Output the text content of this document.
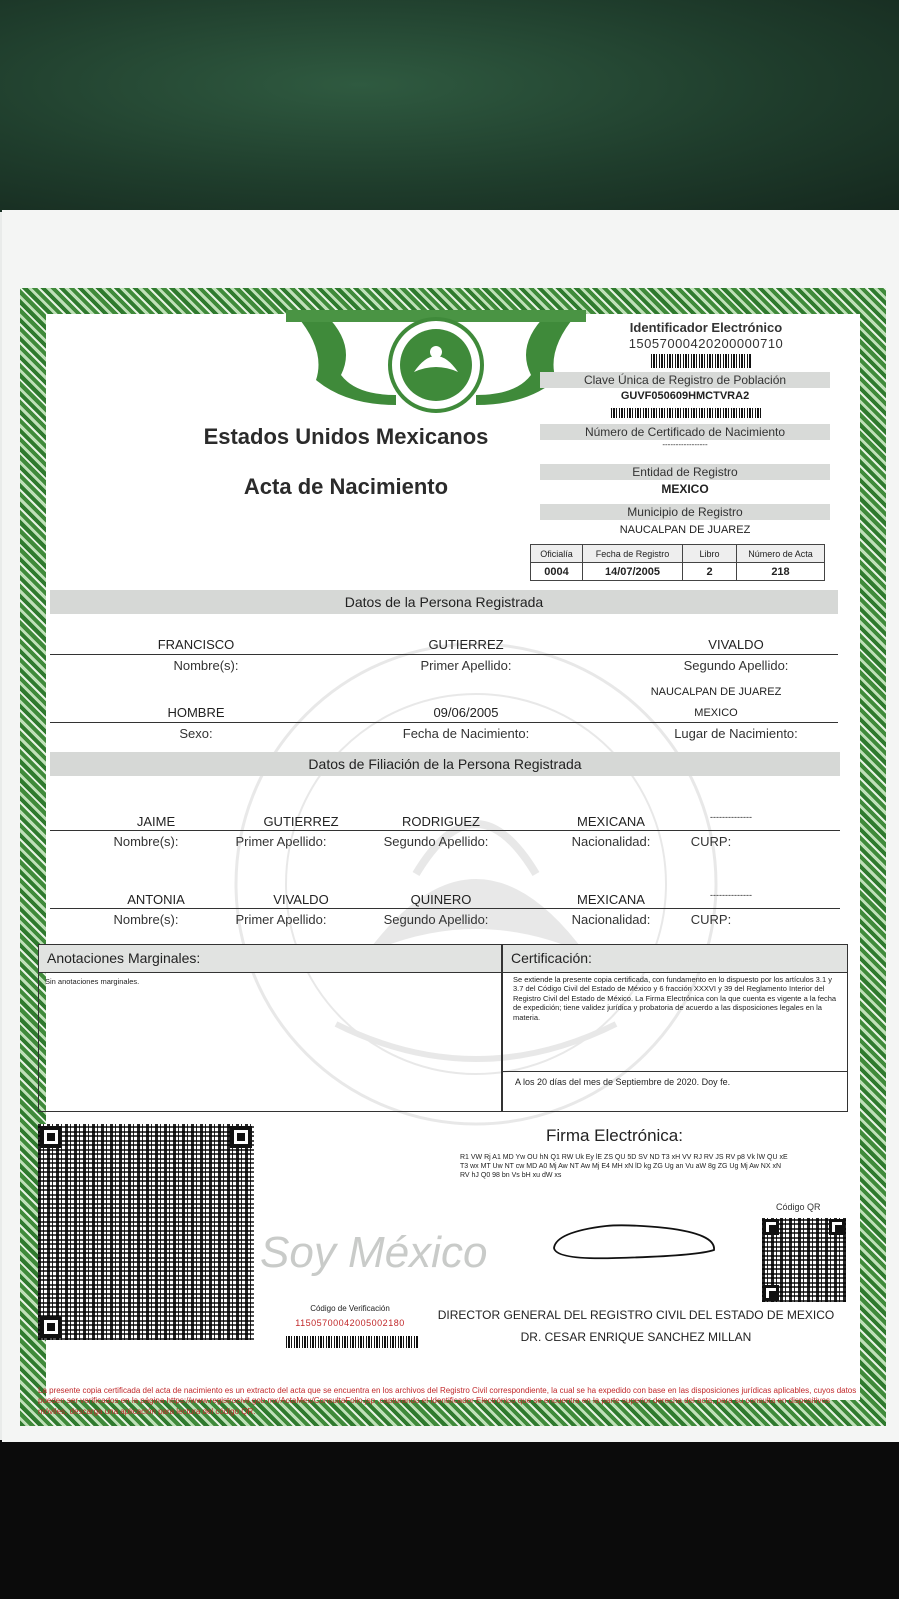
Soy México
Estados Unidos Mexicanos
Acta de Nacimiento
Identificador Electrónico
15057000420200000710
Clave Única de Registro de Población
GUVF050609HMCTVRA2
Número de Certificado de Nacimiento
-----------------
Entidad de Registro
MEXICO
Municipio de Registro
NAUCALPAN DE JUAREZ
Oficialía	Fecha de Registro	Libro	Número de Acta
0004	14/07/2005	2	218
Datos de la Persona Registrada
FRANCISCO	GUTIERREZ	VIVALDO
Nombre(s):	Primer Apellido:	Segundo Apellido:
NAUCALPAN DE JUAREZ
HOMBRE	09/06/2005	MEXICO
Sexo:	Fecha de Nacimiento:	Lugar de Nacimiento:
Datos de Filiación de la Persona Registrada
JAIME	GUTIERREZ	RODRIGUEZ	MEXICANA	--------------
Nombre(s):	Primer Apellido:	Segundo Apellido:	Nacionalidad:	CURP:
ANTONIA	VIVALDO	QUINERO	MEXICANA	--------------
Nombre(s):	Primer Apellido:	Segundo Apellido:	Nacionalidad:	CURP:
Anotaciones Marginales:
Sin anotaciones marginales.
Certificación:
Se extiende la presente copia certificada, con fundamento en lo dispuesto por los artículos 3.1 y 3.7 del Código Civil del Estado de México y 6 fracción XXXVI y 39 del Reglamento Interior del Registro Civil del Estado de México. La Firma Electrónica con la que cuenta es vigente a la fecha de expedición; tiene validez jurídica y probatoria de acuerdo a las disposiciones legales en la materia.
A los 20 días del mes de Septiembre de 2020. Doy fe.
Firma Electrónica:
R1 VW Rj A1 MD Yw OU hN Q1 RW Uk Ey lE ZS QU 5D SV ND T3 xH VV RJ RV JS RV p8 Vk lW QU xE T3 wx MT Uw NT cw MD A0 Mj Aw NT Aw Mj E4 MH xN lD kg ZG Ug an Vu aW 8g ZG Ug Mj Aw NX xN RV hJ Q0 98 bn Vs bH xu dW xs
Código QR
Código de Verificación
11505700042005002180
DIRECTOR GENERAL DEL REGISTRO CIVIL DEL ESTADO DE MEXICO
DR. CESAR ENRIQUE SANCHEZ MILLAN
La presente copia certificada del acta de nacimiento es un extracto del acta que se encuentra en los archivos del Registro Civil correspondiente, la cual se ha expedido con base en las disposiciones jurídicas aplicables, cuyos datos pueden ser verificados en la página https://www.registrocivil.gob.mx/ActaMex/ConsultaFolio.jsp ,capturando el Identificador Electrónico que se encuentra en la parte superior derecha del acta, para su consulta en dispositivos móviles, descarga una aplicación para lectura del código QR.
